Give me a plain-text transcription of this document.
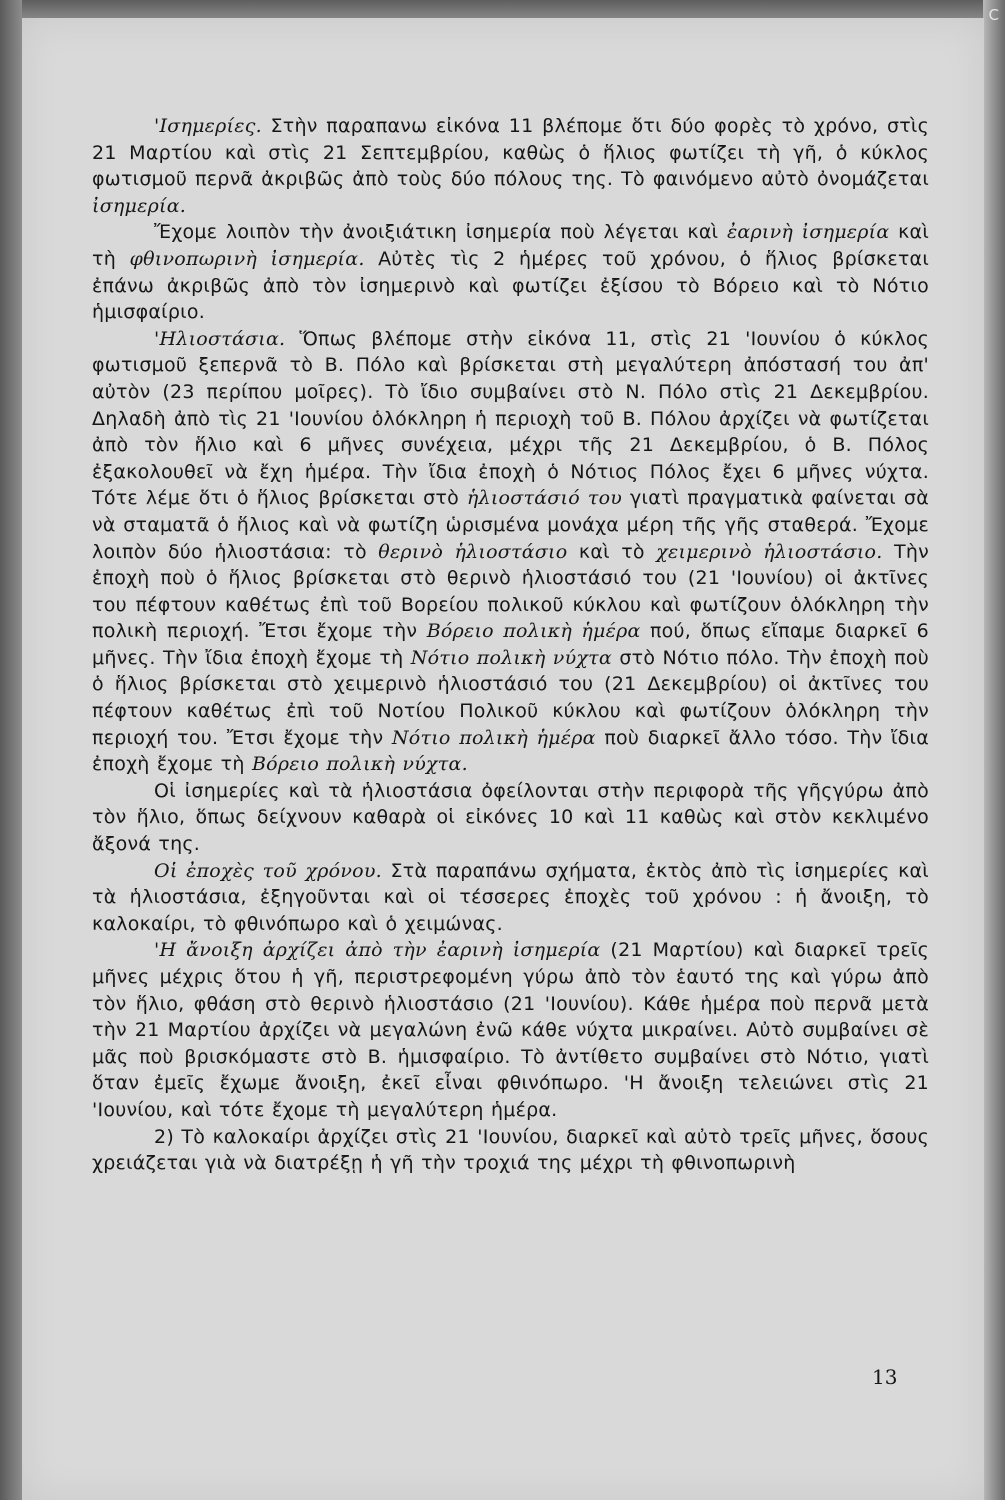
C

'Ισημερίες. Στὴν παραπανω εἰκόνα 11 βλέπομε ὅτι δύο φορὲς τὸ χρόνο, στὶς 21 Μαρτίου καὶ στὶς 21 Σεπτεμβρίου, καθὼς ὁ ἥλιος φωτίζει τὴ γῆ, ὁ κύκλος φωτισμοῦ περνᾶ ἀκριβῶς ἀπὸ τοὺς δύο πόλους της. Τὸ φαινόμενο αὐτὸ ὀνομάζεται ἰσημερία.

Ἔχομε λοιπὸν τὴν ἀνοιξιάτικη ἰσημερία ποὺ λέγεται καὶ ἐαρινὴ ἰσημερία καὶ τὴ φθινοπωρινὴ ἰσημερία. Αὐτὲς τὶς 2 ἡμέρες τοῦ χρόνου, ὁ ἥλιος βρίσκεται ἐπάνω ἀκριβῶς ἀπὸ τὸν ἰσημερινὸ καὶ φωτίζει ἐξίσου τὸ Βόρειο καὶ τὸ Νότιο ἡμισφαίριο.

'Ηλιοστάσια. Ὅπως βλέπομε στὴν εἰκόνα 11, στὶς 21 'Ιουνίου ὁ κύκλος φωτισμοῦ ξεπερνᾶ τὸ Β. Πόλο καὶ βρίσκεται στὴ μεγαλύτερη ἀπόστασή του ἀπ' αὐτὸν (23 περίπου μοῖρες). Τὸ ἴδιο συμβαίνει στὸ Ν. Πόλο στὶς 21 Δεκεμβρίου. Δηλαδὴ ἀπὸ τὶς 21 'Ιουνίου ὁλόκληρη ἡ περιοχὴ τοῦ Β. Πόλου ἀρχίζει νὰ φωτίζεται ἀπὸ τὸν ἥλιο καὶ 6 μῆνες συνέχεια, μέχρι τῆς 21 Δεκεμβρίου, ὁ Β. Πόλος ἐξακολουθεῖ νὰ ἔχη ἡμέρα. Τὴν ἴδια ἐποχὴ ὁ Νότιος Πόλος ἔχει 6 μῆνες νύχτα. Τότε λέμε ὅτι ὁ ἥλιος βρίσκεται στὸ ἡλιοστάσιό του γιατὶ πραγματικὰ φαίνεται σὰ νὰ σταματᾶ ὁ ἥλιος καὶ νὰ φωτίζη ὡρισμένα μονάχα μέρη τῆς γῆς σταθερά. Ἔχομε λοιπὸν δύο ἡλιοστάσια: τὸ θερινὸ ἡλιοστάσιο καὶ τὸ χειμερινὸ ἡλιοστάσιο. Τὴν ἐποχὴ ποὺ ὁ ἥλιος βρίσκεται στὸ θερινὸ ἡλιοστάσιό του (21 'Ιουνίου) οἱ ἀκτῖνες του πέφτουν καθέτως ἐπὶ τοῦ Βορείου πολικοῦ κύκλου καὶ φωτίζουν ὁλόκληρη τὴν πολικὴ περιοχή. Ἔτσι ἔχομε τὴν Βόρειο πολικὴ ἡμέρα πού, ὅπως εἴπαμε διαρκεῖ 6 μῆνες. Τὴν ἴδια ἐποχὴ ἔχομε τὴ Νότιο πολικὴ νύχτα στὸ Νότιο πόλο. Τὴν ἐποχὴ ποὺ ὁ ἥλιος βρίσκεται στὸ χειμερινὸ ἡλιοστάσιό του (21 Δεκεμβρίου) οἱ ἀκτῖνες του πέφτουν καθέτως ἐπὶ τοῦ Νοτίου Πολικοῦ κύκλου καὶ φωτίζουν ὁλόκληρη τὴν περιοχή του. Ἔτσι ἔχομε τὴν Νότιο πολικὴ ἡμέρα ποὺ διαρκεῖ ἄλλο τόσο. Τὴν ἴδια ἐποχὴ ἔχομε τὴ Βόρειο πολικὴ νύχτα.

Οἱ ἰσημερίες καὶ τὰ ἡλιοστάσια ὀφείλονται στὴν περιφορὰ τῆς γῆςγύρω ἀπὸ τὸν ἥλιο, ὅπως δείχνουν καθαρὰ οἱ εἰκόνες 10 καὶ 11 καθὼς καὶ στὸν κεκλιμένο ἄξονά της.

Οἱ ἐποχὲς τοῦ χρόνου. Στὰ παραπάνω σχήματα, ἐκτὸς ἀπὸ τὶς ἰσημερίες καὶ τὰ ἡλιοστάσια, ἐξηγοῦνται καὶ οἱ τέσσερες ἐποχὲς τοῦ χρόνου : ἡ ἄνοιξη, τὸ καλοκαίρι, τὸ φθινόπωρο καὶ ὁ χειμώνας.

'Η ἄνοιξη ἀρχίζει ἀπὸ τὴν ἐαρινὴ ἰσημερία (21 Μαρτίου) καὶ διαρκεῖ τρεῖς μῆνες μέχρις ὅτου ἡ γῆ, περιστρεφομένη γύρω ἀπὸ τὸν ἑαυτό της καὶ γύρω ἀπὸ τὸν ἥλιο, φθάση στὸ θερινὸ ἡλιοστάσιο (21 'Ιουνίου). Κάθε ἡμέρα ποὺ περνᾶ μετὰ τὴν 21 Μαρτίου ἀρχίζει νὰ μεγαλώνη ἐνῶ κάθε νύχτα μικραίνει. Αὐτὸ συμβαίνει σὲ μᾶς ποὺ βρισκόμαστε στὸ Β. ἡμισφαίριο. Τὸ ἀντίθετο συμβαίνει στὸ Νότιο, γιατὶ ὅταν ἐμεῖς ἔχωμε ἄνοιξη, ἐκεῖ εἶναι φθινόπωρο. 'Η ἄνοιξη τελειώνει στὶς 21 'Ιουνίου, καὶ τότε ἔχομε τὴ μεγαλύτερη ἡμέρα.

2) Τὸ καλοκαίρι ἀρχίζει στὶς 21 'Ιουνίου, διαρκεῖ καὶ αὐτὸ τρεῖς μῆνες, ὅσους χρειάζεται γιὰ νὰ διατρέξῃ ἡ γῆ τὴν τροχιά της μέχρι τὴ φθινοπωρινὴ

13
